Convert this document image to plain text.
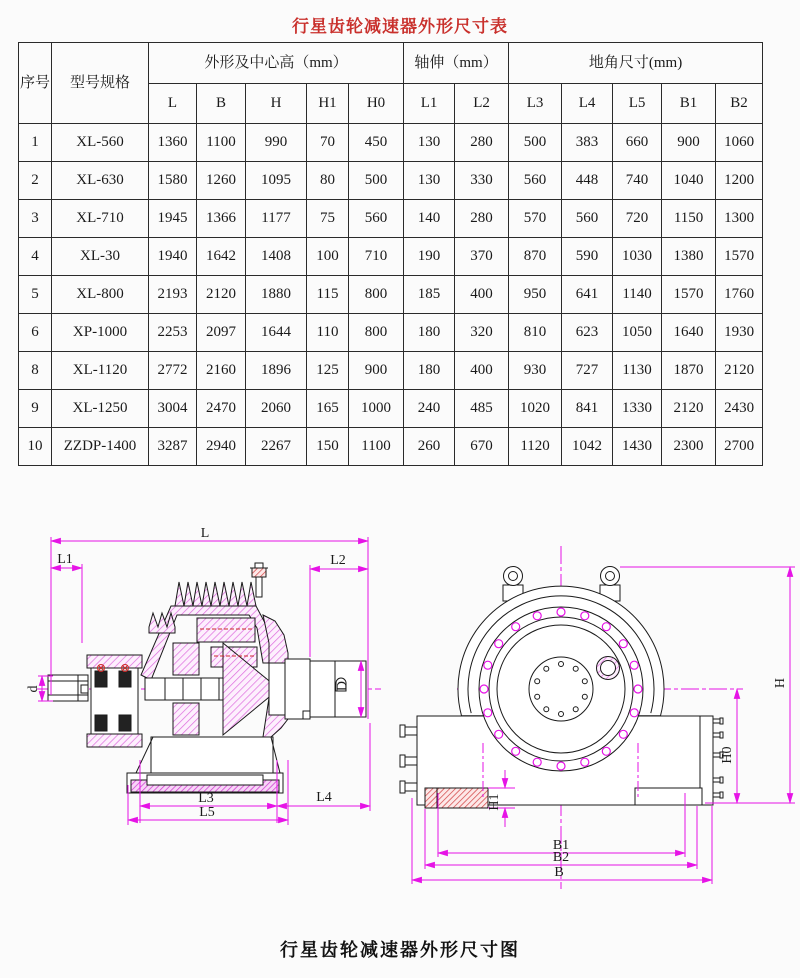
行星齿轮减速器外形尺寸表
序号	型号规格	外形及中心高（mm）					轴伸（mm）		地角尺寸(mm)				
		L	B	H	H1	H0	L1	L2	L3	L4	L5	B1	B2
1	XL-560	1360	1100	990	70	450	130	280	500	383	660	900	1060
2	XL-630	1580	1260	1095	80	500	130	330	560	448	740	1040	1200
3	XL-710	1945	1366	1177	75	560	140	280	570	560	720	1150	1300
4	XL-30	1940	1642	1408	100	710	190	370	870	590	1030	1380	1570
5	XL-800	2193	2120	1880	115	800	185	400	950	641	1140	1570	1760
6	XP-1000	2253	2097	1644	110	800	180	320	810	623	1050	1640	1930
8	XL-1120	2772	2160	1896	125	900	180	400	930	727	1130	1870	2120
9	XL-1250	3004	2470	2060	165	1000	240	485	1020	841	1330	2120	2430
10	ZZDP-1400	3287	2940	2267	150	1100	260	670	1120	1042	1430	2300	2700
L
L1	L2
L3	L4
L5
d	D	H
H0
H1
B1
B2
B
行星齿轮减速器外形尺寸图
